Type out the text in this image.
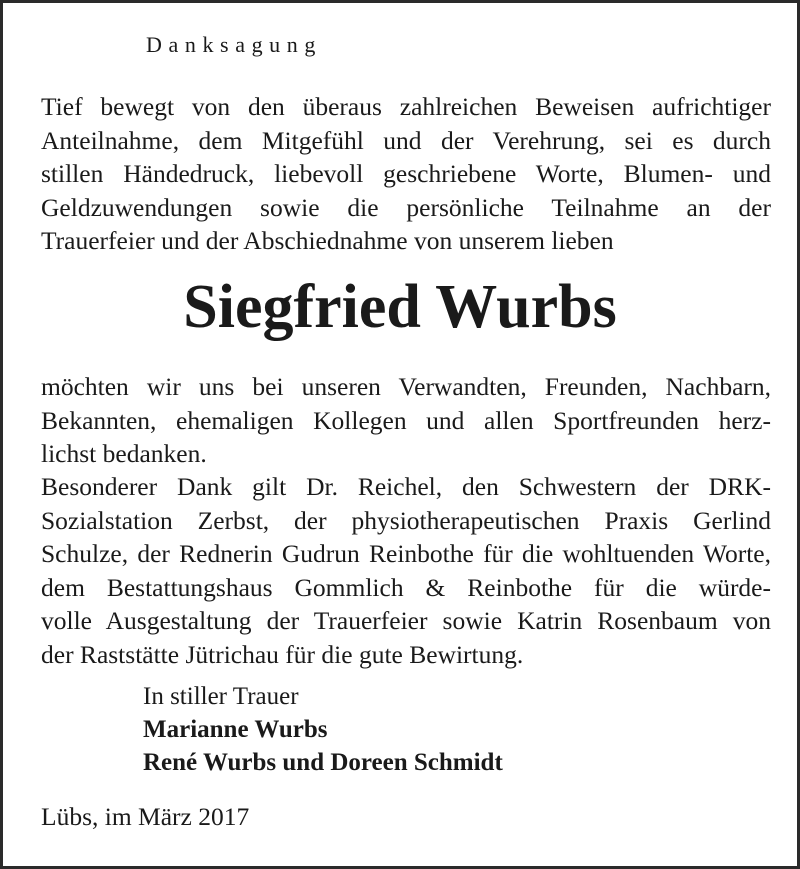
Danksagung
Tief bewegt von den überaus zahlreichen Beweisen aufrichtiger
Anteilnahme, dem Mitgefühl und der Verehrung, sei es durch
stillen Händedruck, liebevoll geschriebene Worte, Blumen- und
Geldzuwendungen sowie die persönliche Teilnahme an der
Trauerfeier und der Abschiednahme von unserem lieben
Siegfried Wurbs
möchten wir uns bei unseren Verwandten, Freunden, Nachbarn,
Bekannten, ehemaligen Kollegen und allen Sportfreunden herz-
lichst bedanken.
Besonderer Dank gilt Dr. Reichel, den Schwestern der DRK-
Sozialstation Zerbst, der physiotherapeutischen Praxis Gerlind
Schulze, der Rednerin Gudrun Reinbothe für die wohltuenden Worte,
dem Bestattungshaus Gommlich & Reinbothe für die würde-
volle Ausgestaltung der Trauerfeier sowie Katrin Rosenbaum von
der Raststätte Jütrichau für die gute Bewirtung.
In stiller Trauer
Marianne Wurbs
René Wurbs und Doreen Schmidt
Lübs, im März 2017
